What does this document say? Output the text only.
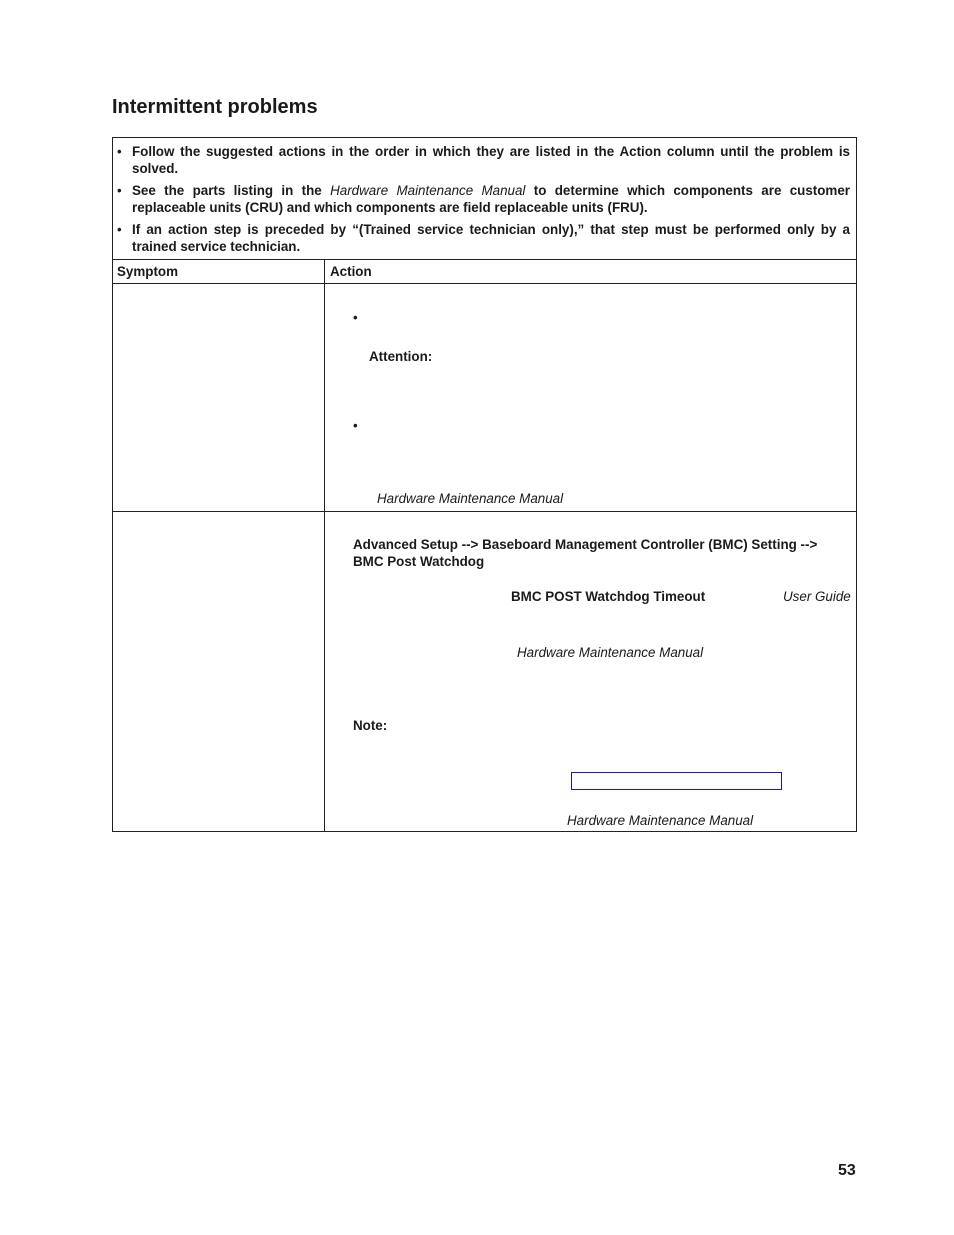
Intermittent problems
• Follow the suggested actions in the order in which they are listed in the Action column until the problem is solved.
• See the parts listing in the Hardware Maintenance Manual to determine which components are customer replaceable units (CRU) and which components are field replaceable units (FRU).
• If an action step is preceded by “(Trained service technician only),” that step must be performed only by a trained service technician.
Symptom	Action
•
Attention:
•
Hardware Maintenance Manual
Advanced Setup --> Baseboard Management Controller (BMC) Setting -->
BMC Post Watchdog
BMC POST Watchdog Timeout	User Guide
Hardware Maintenance Manual
Note:
Hardware Maintenance Manual
53
